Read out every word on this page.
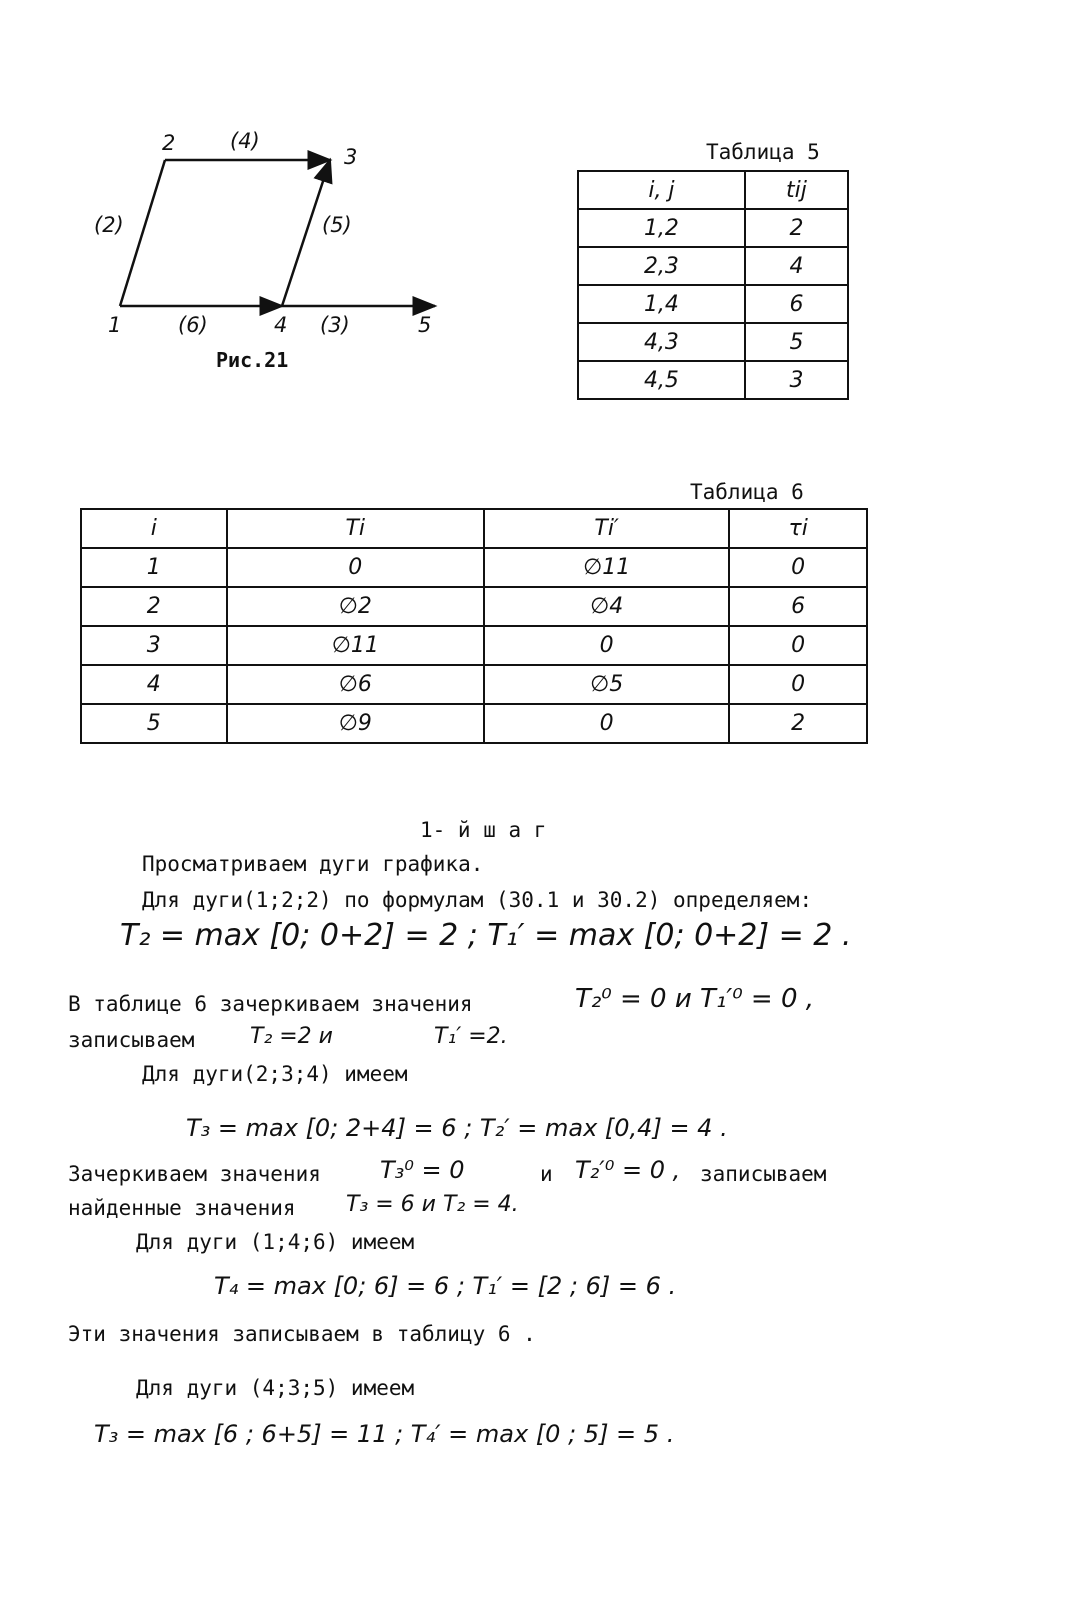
1
2
3
4	5
(2)
(4)
(6)
(5)
(3)
Рис.21
Таблица 5
i, j	tij
1,2	2
2,3	4
1,4	6
4,3	5
4,5	3
Таблица 6
i	Ti	Ti′	τi
1	0	∅11	0
2	∅2	∅4	6
3	∅11	0	0
4	∅6	∅5	0
5	∅9	0	2
1- й ш а г
Просматриваем дуги графика.
Для дуги(1;2;2) по формулам (30.1 и 30.2) определяем:
T₂ = max [0; 0+2] = 2 ; T₁′ = max [0; 0+2] = 2 .
В таблице 6 зачеркиваем значения	T₂⁰ = 0 и T₁′⁰ = 0 ,
записываем	T₂ =2 и	T₁′ =2.
Для дуги(2;3;4) имеем
T₃ = max [0; 2+4] = 6 ; T₂′ = max [0,4] = 4 .
Зачеркиваем значения T₃⁰ = 0	и T₂′⁰ = 0 , записываем
найденные значения T₃ = 6 и T₂ = 4.
Для дуги (1;4;6) имеем
T₄ = max [0; 6] = 6 ; T₁′ = [2 ; 6] = 6 .
Эти значения записываем в таблицу 6 .
Для дуги (4;3;5) имеем
T₃ = max [6 ; 6+5] = 11 ; T₄′ = max [0 ; 5] = 5 .
